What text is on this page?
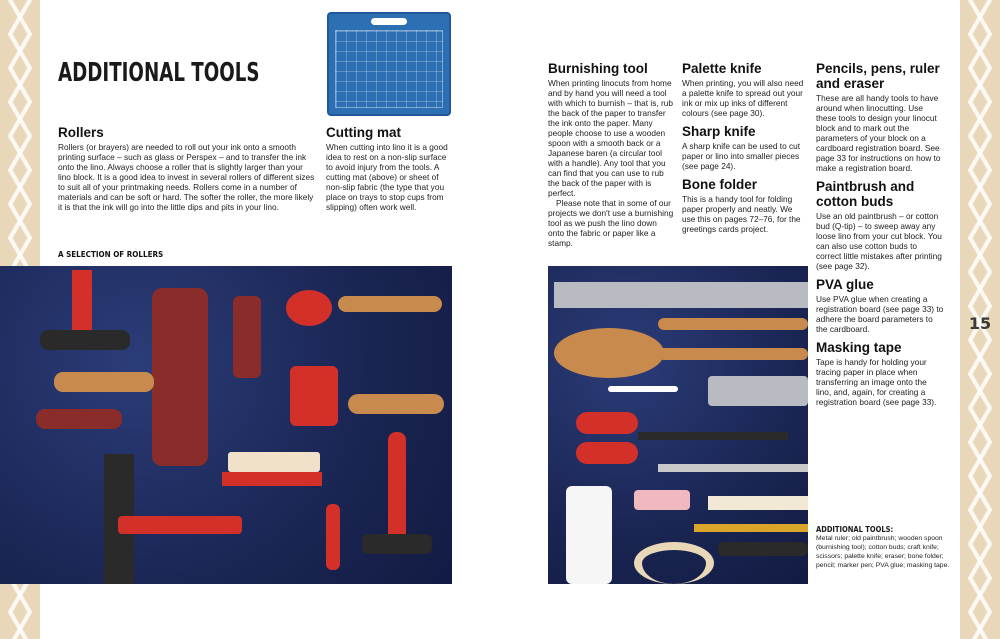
15
ADDITIONAL TOOLS
Rollers

Rollers (or brayers) are needed to roll out your ink onto a smooth printing surface – such as glass or Perspex – and to transfer the ink onto the lino. Always choose a roller that is slightly larger than your lino block. It is a good idea to invest in several rollers of different sizes to suit all of your printmaking needs. Rollers come in a number of materials and can be soft or hard. The softer the roller, the more likely it is that the ink will go into the little dips and pits in your lino.

Cutting mat

When cutting into lino it is a good idea to rest on a non-slip surface to avoid injury from the tools. A cutting mat (above) or sheet of non-slip fabric (the type that you place on trays to stop cups from slipping) often work well.

A SELECTION OF ROLLERS
Burnishing tool

When printing linocuts from home and by hand you will need a tool with which to burnish – that is, rub the back of the paper to transfer the ink onto the paper. Many people choose to use a wooden spoon with a smooth back or a Japanese baren (a circular tool with a handle). Any tool that you can find that you can use to rub the back of the paper with is perfect.

Please note that in some of our projects we don't use a burnishing tool as we push the lino down onto the fabric or paper like a stamp.

Palette knife

When printing, you will also need a palette knife to spread out your ink or mix up inks of different colours (see page 30).

Sharp knife

A sharp knife can be used to cut paper or lino into smaller pieces (see page 24).

Bone folder

This is a handy tool for folding paper properly and neatly. We use this on pages 72–76, for the greetings cards project.

Pencils, pens, ruler and eraser

These are all handy tools to have around when linocutting. Use these tools to design your linocut block and to mark out the parameters of your block on a cardboard registration board. See page 33 for instructions on how to make a registration board.

Paintbrush and cotton buds

Use an old paintbrush – or cotton bud (Q-tip) – to sweep away any loose lino from your cut block. You can also use cotton buds to correct little mistakes after printing (see page 32).

PVA glue

Use PVA glue when creating a registration board (see page 33) to adhere the board parameters to the cardboard.

Masking tape

Tape is handy for holding your tracing paper in place when transferring an image onto the lino, and, again, for creating a registration board (see page 33).

ADDITIONAL TOOLS:
Metal ruler; old paintbrush; wooden spoon (burnishing tool); cotton buds; craft knife; scissors; palette knife; eraser; bone folder; pencil; marker pen; PVA glue; masking tape.
